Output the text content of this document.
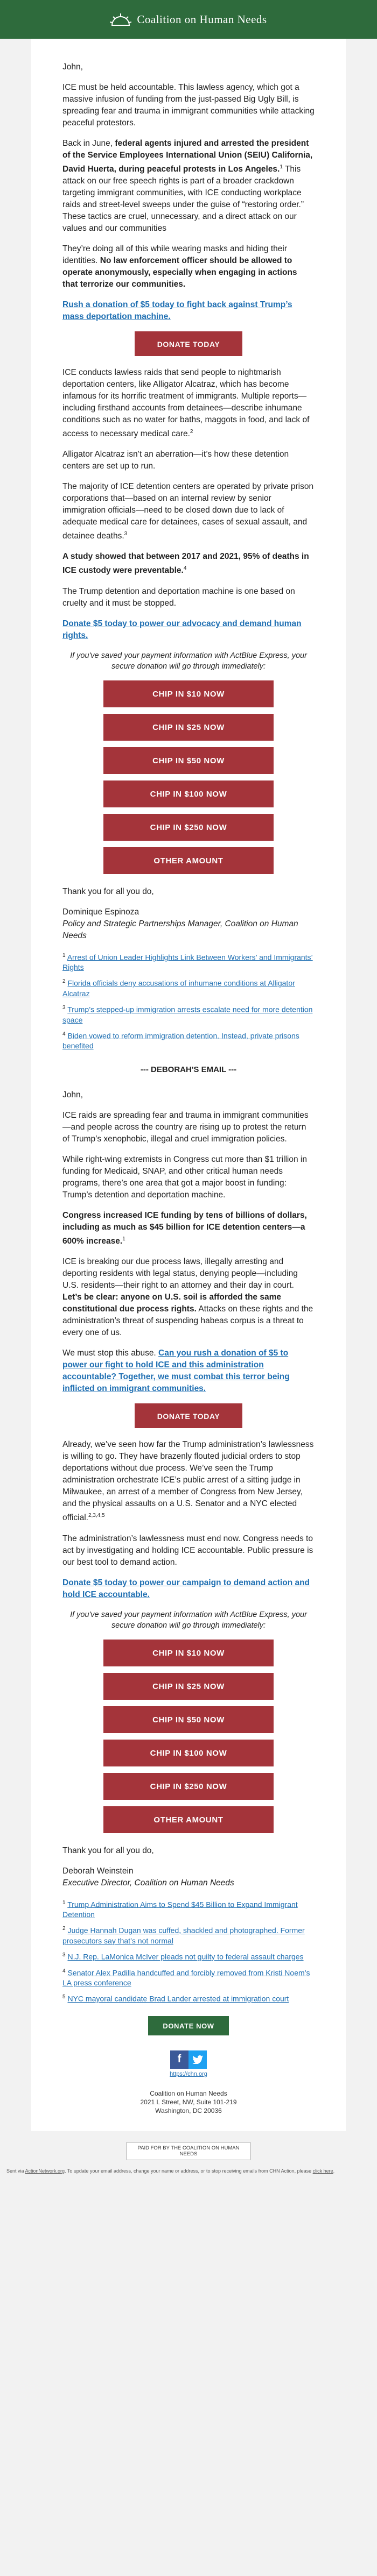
Coalition on Human Needs

John,

ICE must be held accountable. This lawless agency, which got a massive infusion of funding from the just-passed Big Ugly Bill, is spreading fear and trauma in immigrant communities while attacking peaceful protestors.

Back in June, federal agents injured and arrested the president of the Service Employees International Union (SEIU) California, David Huerta, during peaceful protests in Los Angeles.$^1$ This attack on our free speech rights is part of a broader crackdown targeting immigrant communities, with ICE conducting workplace raids and street-level sweeps under the guise of “restoring order.” These tactics are cruel, unnecessary, and a direct attack on our values and our communities

They’re doing all of this while wearing masks and hiding their identities. No law enforcement officer should be allowed to operate anonymously, especially when engaging in actions that terrorize our communities.

Rush a donation of $5 today to fight back against Trump’s mass deportation machine.

DONATE TODAY

ICE conducts lawless raids that send people to nightmarish deportation centers, like Alligator Alcatraz, which has become infamous for its horrific treatment of immigrants. Multiple reports—including firsthand accounts from detainees—describe inhumane conditions such as no water for baths, maggots in food, and lack of access to necessary medical care.$^2$

Alligator Alcatraz isn’t an aberration—it’s how these detention centers are set up to run.

The majority of ICE detention centers are operated by private prison corporations that—based on an internal review by senior immigration officials—need to be closed down due to lack of adequate medical care for detainees, cases of sexual assault, and detainee deaths.$^3$

A study showed that between 2017 and 2021, 95% of deaths in ICE custody were preventable.$^4$

The Trump detention and deportation machine is one based on cruelty and it must be stopped.

Donate $5 today to power our advocacy and demand human rights.

If you've saved your payment information with ActBlue Express, your secure donation will go through immediately:

CHIP IN $10 NOW
CHIP IN $25 NOW
CHIP IN $50 NOW
CHIP IN $100 NOW
CHIP IN $250 NOW
OTHER AMOUNT

Thank you for all you do,

Dominique Espinoza
Policy and Strategic Partnerships Manager, Coalition on Human Needs

$^1$ Arrest of Union Leader Highlights Link Between Workers’ and Immigrants’ Rights

$^2$ Florida officials deny accusations of inhumane conditions at Alligator Alcatraz

$^3$ Trump’s stepped-up immigration arrests escalate need for more detention space

$^4$ Biden vowed to reform immigration detention. Instead, private prisons benefited

--- DEBORAH'S EMAIL ---

John,

ICE raids are spreading fear and trauma in immigrant communities—and people across the country are rising up to protest the return of Trump’s xenophobic, illegal and cruel immigration policies.

While right-wing extremists in Congress cut more than $1 trillion in funding for Medicaid, SNAP, and other critical human needs programs, there’s one area that got a major boost in funding: Trump’s detention and deportation machine.

Congress increased ICE funding by tens of billions of dollars, including as much as $45 billion for ICE detention centers—a 600% increase.$^1$

ICE is breaking our due process laws, illegally arresting and deporting residents with legal status, denying people—including U.S. residents—their right to an attorney and their day in court. Let’s be clear: anyone on U.S. soil is afforded the same constitutional due process rights. Attacks on these rights and the administration’s threat of suspending habeas corpus is a threat to every one of us.

We must stop this abuse. Can you rush a donation of $5 to power our fight to hold ICE and this administration accountable? Together, we must combat this terror being inflicted on immigrant communities.

DONATE TODAY

Already, we’ve seen how far the Trump administration’s lawlessness is willing to go. They have brazenly flouted judicial orders to stop deportations without due process. We’ve seen the Trump administration orchestrate ICE’s public arrest of a sitting judge in Milwaukee, an arrest of a member of Congress from New Jersey, and the physical assaults on a U.S. Senator and a NYC elected official.$^{2,3,4,5}$

The administration’s lawlessness must end now. Congress needs to act by investigating and holding ICE accountable. Public pressure is our best tool to demand action.

Donate $5 today to power our campaign to demand action and hold ICE accountable.

If you've saved your payment information with ActBlue Express, your secure donation will go through immediately:

CHIP IN $10 NOW
CHIP IN $25 NOW
CHIP IN $50 NOW
CHIP IN $100 NOW
CHIP IN $250 NOW
OTHER AMOUNT

Thank you for all you do,

Deborah Weinstein
Executive Director, Coalition on Human Needs

$^1$ Trump Administration Aims to Spend $45 Billion to Expand Immigrant Detention

$^2$ Judge Hannah Dugan was cuffed, shackled and photographed. Former prosecutors say that’s not normal

$^3$ N.J. Rep. LaMonica McIver pleads not guilty to federal assault charges

$^4$ Senator Alex Padilla handcuffed and forcibly removed from Kristi Noem’s LA press conference

$^5$ NYC mayoral candidate Brad Lander arrested at immigration court

DONATE NOW
f
https://chn.org
Coalition on Human Needs
2021 L Street, NW, Suite 101-219
Washington, DC 20036
PAID FOR BY THE COALITION ON HUMAN NEEDS
Sent via ActionNetwork.org. To update your email address, change your name or address, or to stop receiving emails from CHN Action, please click here.
